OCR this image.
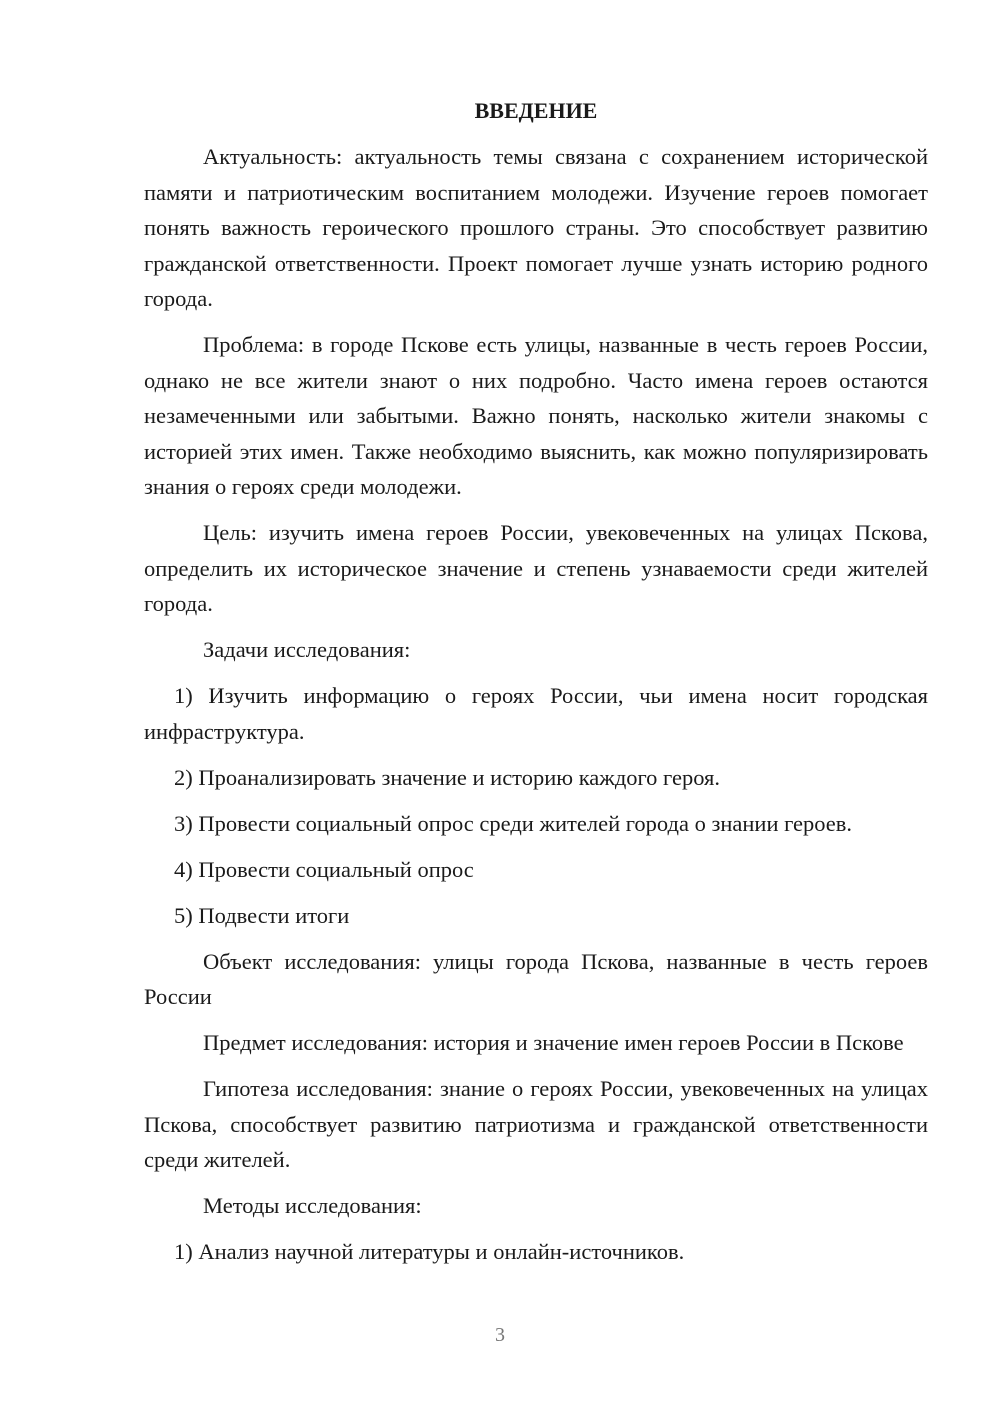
ВВЕДЕНИЕ

Актуальность: актуальность темы связана с сохранением исторической памяти и патриотическим воспитанием молодежи. Изучение героев помогает понять важность героического прошлого страны. Это способствует развитию гражданской ответственности. Проект помогает лучше узнать историю родного города.

Проблема: в городе Пскове есть улицы, названные в честь героев России, однако не все жители знают о них подробно. Часто имена героев остаются незамеченными или забытыми. Важно понять, насколько жители знакомы с историей этих имен. Также необходимо выяснить, как можно популяризировать знания о героях среди молодежи.

Цель: изучить имена героев России, увековеченных на улицах Пскова, определить их историческое значение и степень узнаваемости среди жителей города.

Задачи исследования:

1) Изучить информацию о героях России, чьи имена носит городская инфраструктура.

2) Проанализировать значение и историю каждого героя.

3) Провести социальный опрос среди жителей города о знании героев.

4) Провести социальный опрос

5) Подвести итоги

Объект исследования: улицы города Пскова, названные в честь героев России

Предмет исследования: история и значение имен героев России в Пскове

Гипотеза исследования: знание о героях России, увековеченных на улицах Пскова, способствует развитию патриотизма и гражданской ответственности среди жителей.

Методы исследования:

1) Анализ научной литературы и онлайн-источников.

3
